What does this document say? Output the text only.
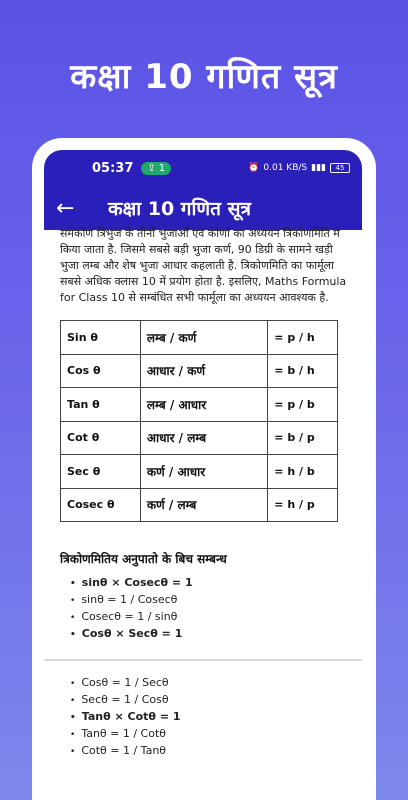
कक्षा 10 गणित सूत्र
05:37 ⇪ 1	⏰ 0.01 KB/S ▮▮▮	45
←	कक्षा 10 गणित सूत्र

समकोण त्रिभुज के तीनों भुजाओं एवं कोणों का अध्ययन त्रिकोणमिति में किया जाता है. जिसमे सबसे बड़ी भुजा कर्ण, 90 डिग्री के सामने खड़ी भुजा लम्ब और शेष भुजा आधार कहलाती है. त्रिकोणमिति का फार्मूला सबसे अधिक क्लास 10 में प्रयोग होता है. इसलिए, Maths Formula for Class 10 से सम्बंधित सभी फार्मूला का अध्ययन आवश्यक है.

Sin θ	लम्ब / कर्ण	= p / h
Cos θ	आधार / कर्ण	= b / h
Tan θ	लम्ब / आधार	= p / b
Cot θ	आधार / लम्ब	= b / p
Sec θ	कर्ण / आधार	= h / b
Cosec θ	कर्ण / लम्ब	= h / p
त्रिकोणमितिय अनुपातो के बिच सम्बन्ध
• sinθ × Cosecθ = 1
• sinθ = 1 / Cosecθ
• Cosecθ = 1 / sinθ
• Cosθ × Secθ = 1
• Cosθ = 1 / Secθ
• Secθ = 1 / Cosθ
• Tanθ × Cotθ = 1
• Tanθ = 1 / Cotθ
• Cotθ = 1 / Tanθ
